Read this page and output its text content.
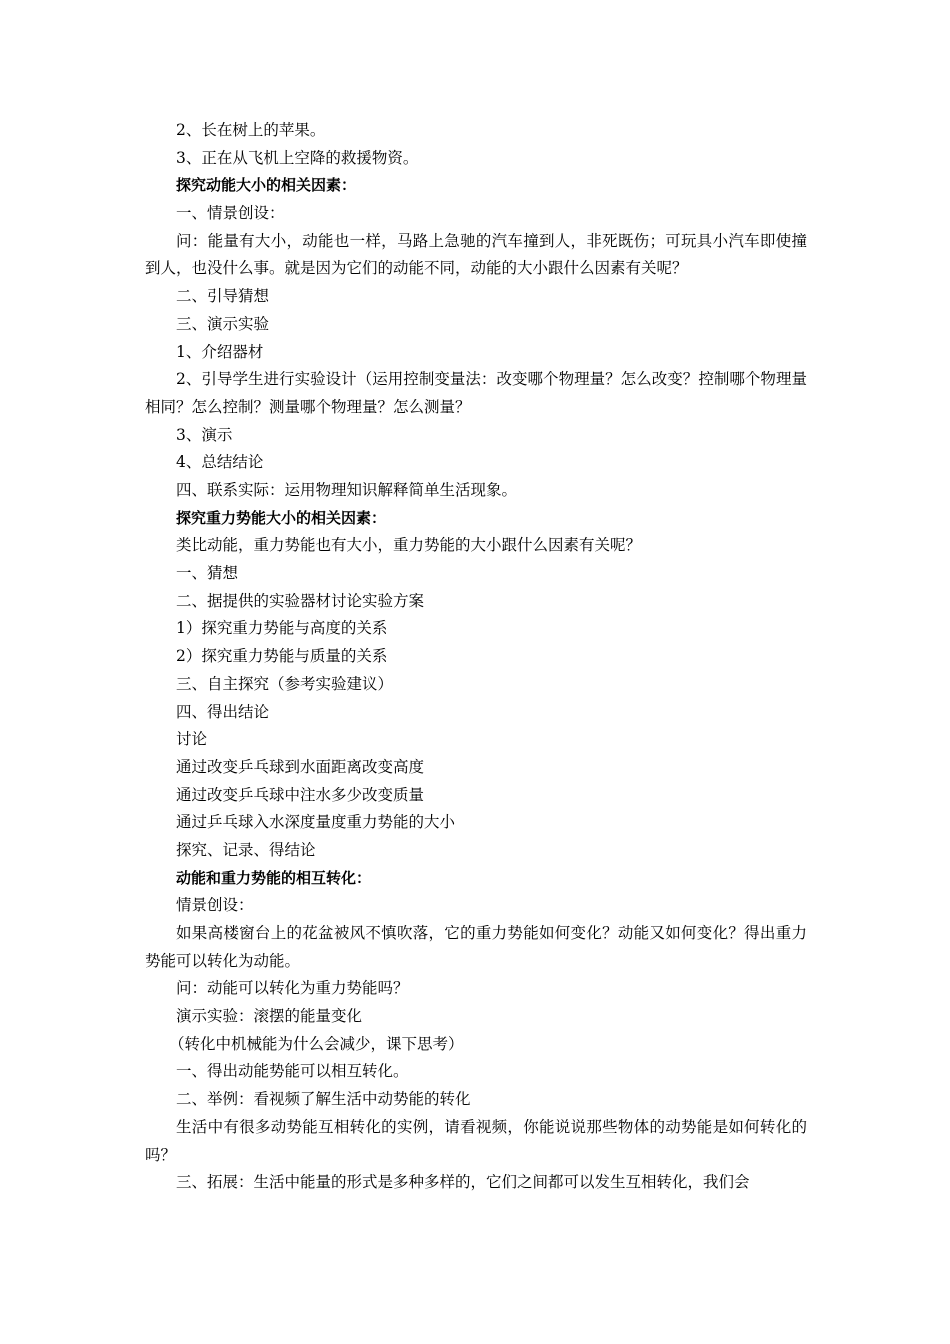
2、长在树上的苹果。
3、正在从飞机上空降的救援物资。
探究动能大小的相关因素：
一、情景创设：
问：能量有大小，动能也一样，马路上急驰的汽车撞到人，非死既伤；可玩具小汽车即使撞到人，也没什么事。就是因为它们的动能不同，动能的大小跟什么因素有关呢？
二、引导猜想
三、演示实验
1、介绍器材
2、引导学生进行实验设计（运用控制变量法：改变哪个物理量？怎么改变？控制哪个物理量相同？怎么控制？测量哪个物理量？怎么测量？
3、演示
4、总结结论
四、联系实际：运用物理知识解释简单生活现象。
探究重力势能大小的相关因素：
类比动能，重力势能也有大小，重力势能的大小跟什么因素有关呢？
一、猜想
二、据提供的实验器材讨论实验方案
1）探究重力势能与高度的关系
2）探究重力势能与质量的关系
三、自主探究（参考实验建议）
四、得出结论
讨论
通过改变乒乓球到水面距离改变高度
通过改变乒乓球中注水多少改变质量
通过乒乓球入水深度量度重力势能的大小
探究、记录、得结论
动能和重力势能的相互转化：
情景创设：
如果高楼窗台上的花盆被风不慎吹落，它的重力势能如何变化？动能又如何变化？得出重力势能可以转化为动能。
问：动能可以转化为重力势能吗？
演示实验：滚摆的能量变化
（转化中机械能为什么会减少，课下思考）
一、得出动能势能可以相互转化。
二、举例：看视频了解生活中动势能的转化
生活中有很多动势能互相转化的实例，请看视频，你能说说那些物体的动势能是如何转化的吗？
三、拓展：生活中能量的形式是多种多样的，它们之间都可以发生互相转化，我们会
